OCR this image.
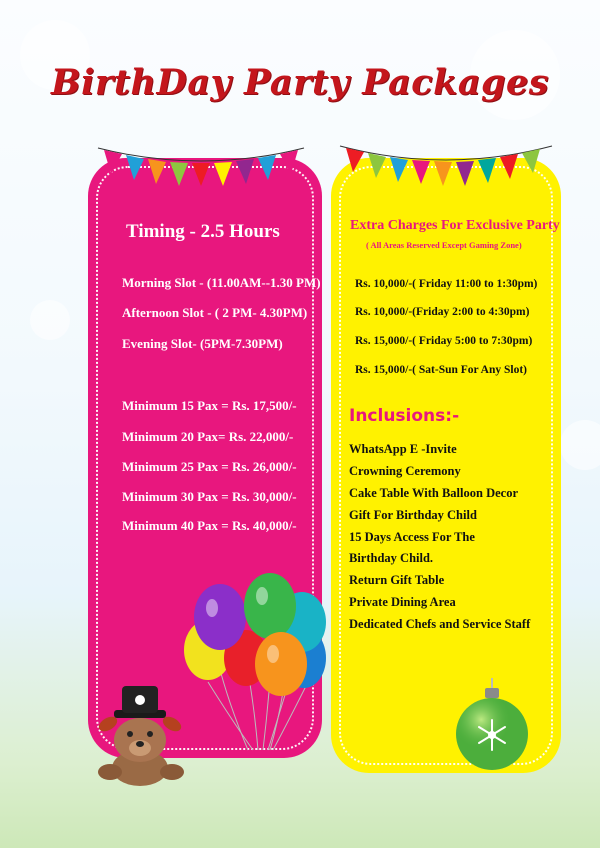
BirthDay Party Packages
Timing - 2.5 Hours
Morning Slot - (11.00AM--1.30 PM)
Afternoon Slot - ( 2 PM- 4.30PM)
Evening Slot- (5PM-7.30PM)
Minimum 15 Pax = Rs. 17,500/-
Minimum 20 Pax= Rs. 22,000/-
Minimum 25 Pax = Rs. 26,000/-
Minimum 30 Pax = Rs. 30,000/-
Minimum 40 Pax = Rs. 40,000/-
Extra Charges For Exclusive Party
( All Areas Reserved Except Gaming Zone)
Rs. 10,000/-( Friday 11:00 to 1:30pm)
Rs. 10,000/-(Friday 2:00 to 4:30pm)
Rs. 15,000/-( Friday 5:00 to 7:30pm)
Rs. 15,000/-( Sat-Sun For Any Slot)
Inclusions:-
WhatsApp E -Invite
Crowning Ceremony
Cake Table With Balloon Decor
Gift For Birthday Child
15 Days Access For The
Birthday Child.
Return Gift Table
Private Dining Area
Dedicated Chefs and Service Staff
